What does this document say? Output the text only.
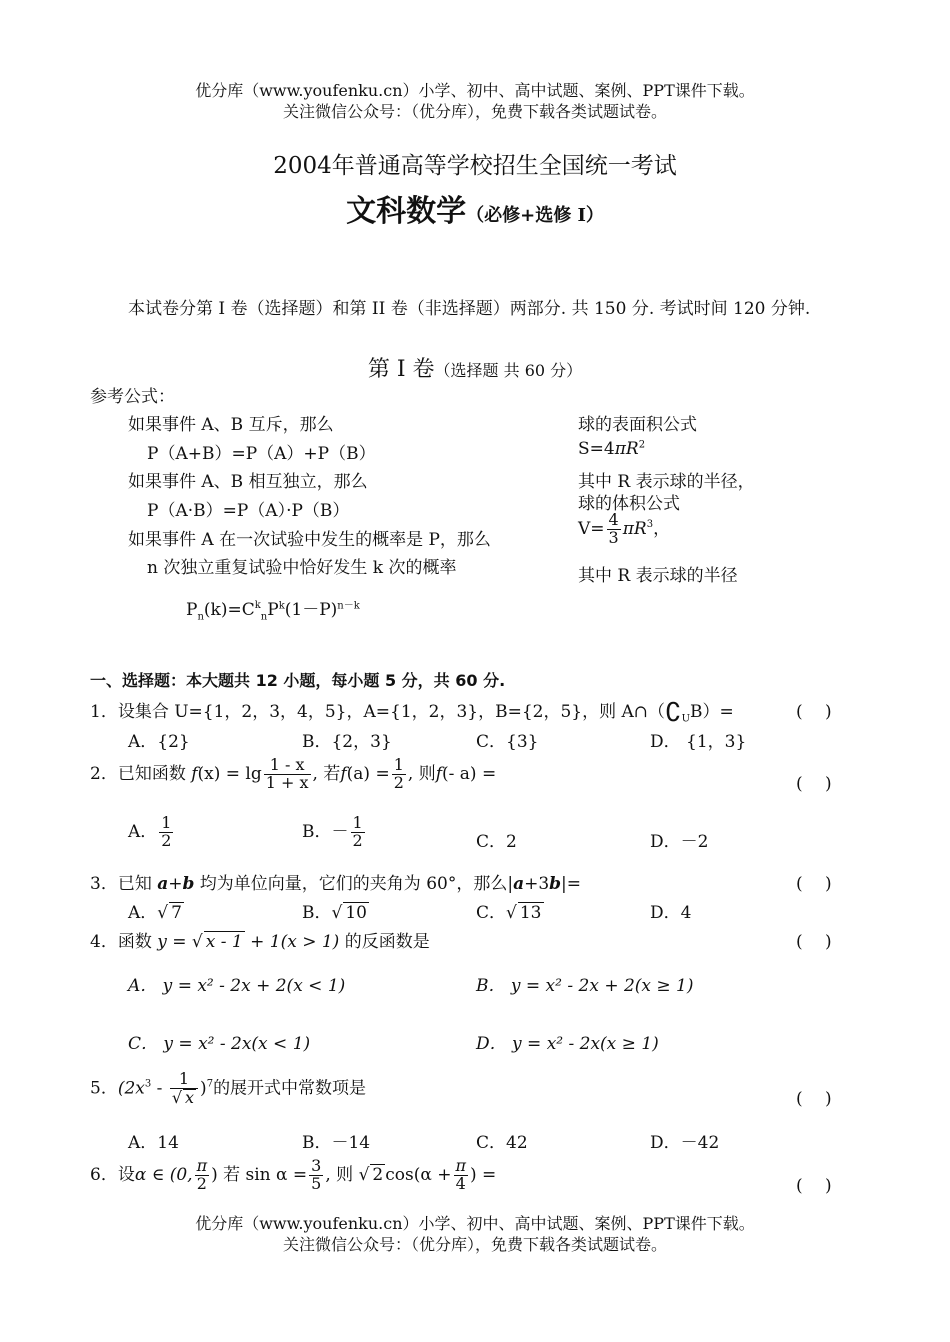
优分库（www.youfenku.cn）小学、初中、高中试题、案例、PPT课件下载。
关注微信公众号：（优分库），免费下载各类试题试卷。
2004年普通高等学校招生全国统一考试
文科数学（必修+选修 I）
本试卷分第 I 卷（选择题）和第 II 卷（非选择题）两部分. 共 150 分. 考试时间 120 分钟.
第 I 卷（选择题 共 60 分）
参考公式：
如果事件 A、B 互斥，那么
P（A+B）=P（A）+P（B）
如果事件 A、B 相互独立，那么
P（A·B）=P（A）·P（B）
如果事件 A 在一次试验中发生的概率是 P，那么
n 次独立重复试验中恰好发生 k 次的概率
$P_n(k)=C^k_nP^k(1-P)^{n-k}$
球的表面积公式
$S=4\pi R^2$
其中 R 表示球的半径，
球的体积公式
$V= \frac{4}{3} \pi R^3$，
其中 R 表示球的半径
一、选择题：本大题共 12 小题，每小题 5 分，共 60 分.
1．设集合 U={1，2，3，4，5}，A={1，2，3}，B={2，5}，则 $A\cap(∁_UB)=$	(　 )
A．{2}	B．{2，3}	C．{3}	D． {1，3}
2．已知函数 $f(x) = \lg \frac{1 - x}{1 + x}$ , 若$f(a) = \frac{1}{2}$ , 则f(- a) =
(　 )
A． $\frac{1}{2}$	B．－ $\frac{1}{2}$	C．2	D．－2
3．已知 a+b 均为单位向量，它们的夹角为 60°，那么|a+3b|=	(　 )
A．√ 7	B．√ 10	C．√ 13	D．4
4．函数 y = √ x - 1 + 1(x > 1) 的反函数是	(　 )
A． y = x² - 2x + 2(x < 1)	B． y = x² - 2x + 2(x ≥ 1)
C． y = x² - 2x(x < 1)	D． y = x² - 2x(x ≥ 1)
5．$(2x^3 - \frac{1}{√ x} )^7$的展开式中常数项是
(　 )
A．14	B．－14	C．42	D．－42
6．设α ∈ (0, $\frac{\pi}{2}$ ) 若 $\sin \alpha = \frac{3}{5}$ , 则 √ 2 $\cos(\alpha + \frac{\pi}{4}$ ) =
(　 )
优分库（www.youfenku.cn）小学、初中、高中试题、案例、PPT课件下载。
关注微信公众号：（优分库），免费下载各类试题试卷。
